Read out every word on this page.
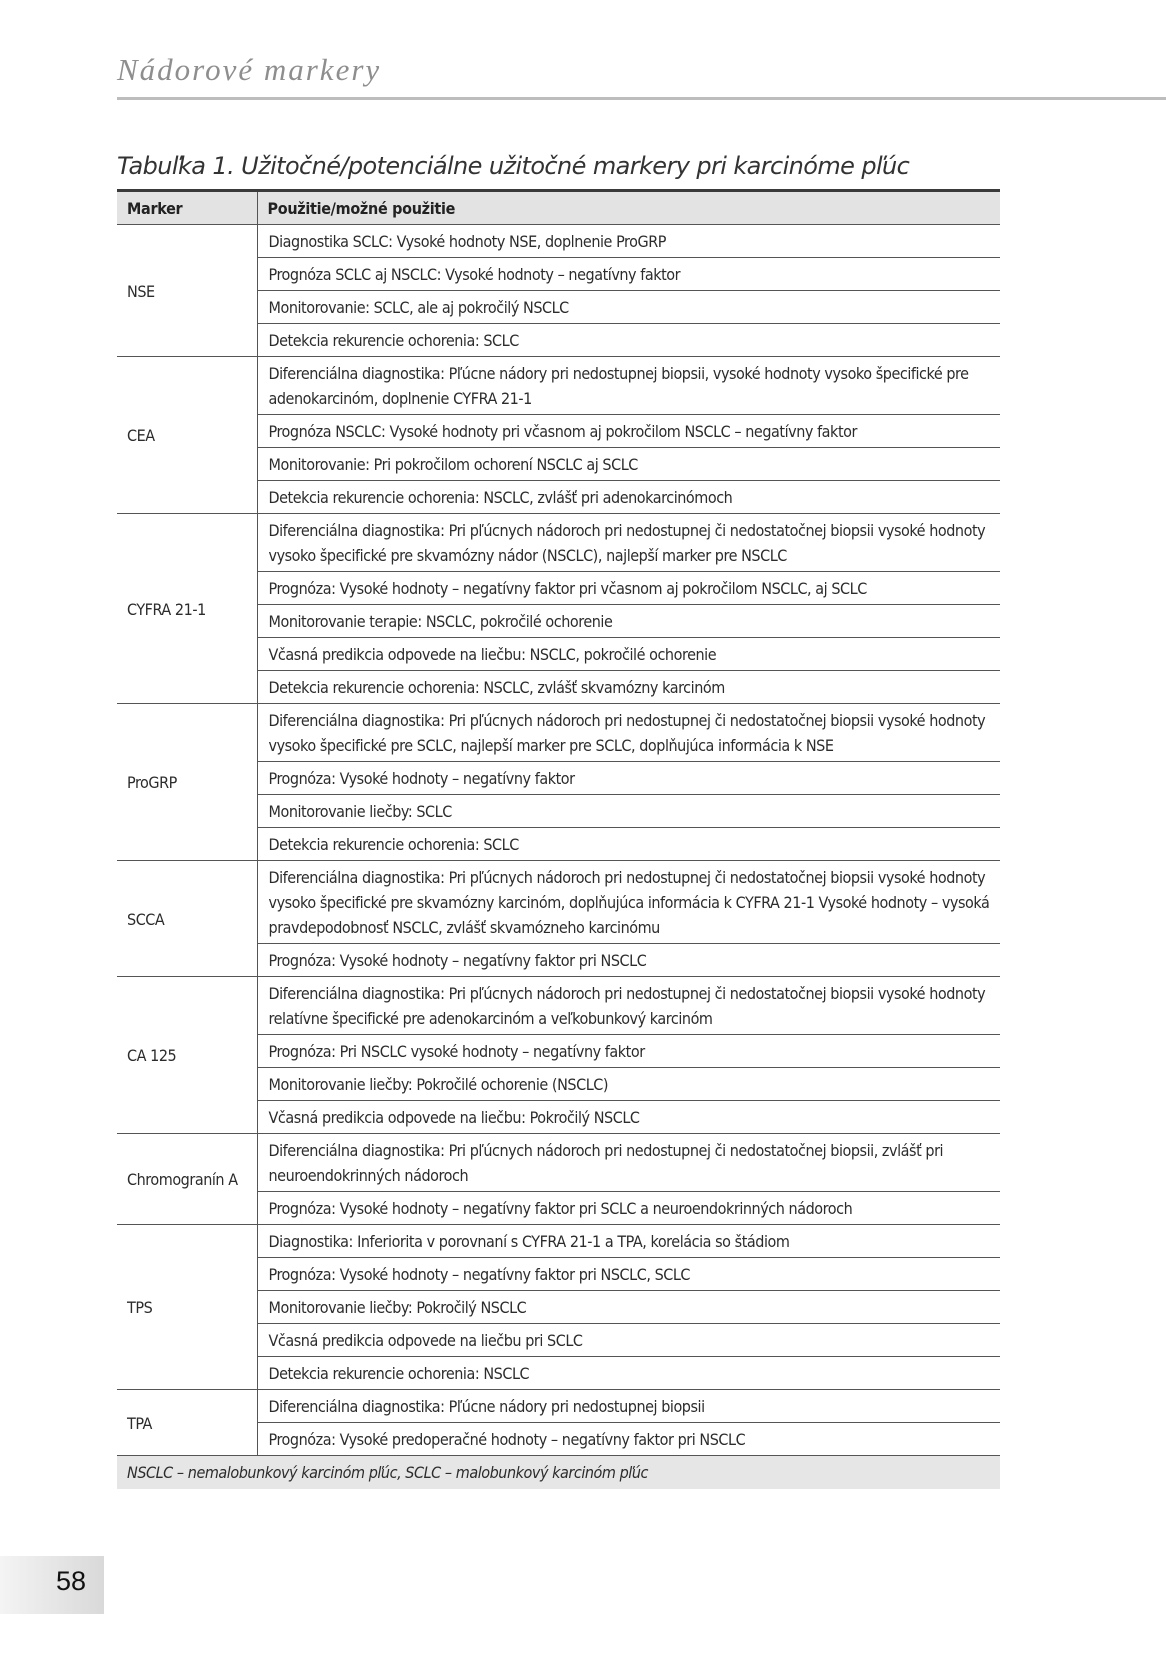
Nádorové markery
Tabuľka 1. Užitočné/potenciálne užitočné markery pri karcinóme pľúc
Marker	Použitie/možné použitie
NSE	Diagnostika SCLC: Vysoké hodnoty NSE, doplnenie ProGRP
	Prognóza SCLC aj NSCLC: Vysoké hodnoty – negatívny faktor
	Monitorovanie: SCLC, ale aj pokročilý NSCLC
	Detekcia rekurencie ochorenia: SCLC
CEA	Diferenciálna diagnostika: Pľúcne nádory pri nedostupnej biopsii, vysoké hodnoty vysoko špecifické pre adenokarcinóm, doplnenie CYFRA 21-1
	Prognóza NSCLC: Vysoké hodnoty pri včasnom aj pokročilom NSCLC – negatívny faktor
	Monitorovanie: Pri pokročilom ochorení NSCLC aj SCLC
	Detekcia rekurencie ochorenia: NSCLC, zvlášť pri adenokarcinómoch
CYFRA 21-1	Diferenciálna diagnostika: Pri pľúcnych nádoroch pri nedostupnej či nedostatočnej biopsii vysoké hodnoty vysoko špecifické pre skvamózny nádor (NSCLC), najlepší marker pre NSCLC
	Prognóza: Vysoké hodnoty – negatívny faktor pri včasnom aj pokročilom NSCLC, aj SCLC
	Monitorovanie terapie: NSCLC, pokročilé ochorenie
	Včasná predikcia odpovede na liečbu: NSCLC, pokročilé ochorenie
	Detekcia rekurencie ochorenia: NSCLC, zvlášť skvamózny karcinóm
ProGRP	Diferenciálna diagnostika: Pri pľúcnych nádoroch pri nedostupnej či nedostatočnej biopsii vysoké hodnoty vysoko špecifické pre SCLC, najlepší marker pre SCLC, doplňujúca informácia k NSE
	Prognóza: Vysoké hodnoty – negatívny faktor
	Monitorovanie liečby: SCLC
	Detekcia rekurencie ochorenia: SCLC
SCCA	Diferenciálna diagnostika: Pri pľúcnych nádoroch pri nedostupnej či nedostatočnej biopsii vysoké hodnoty vysoko špecifické pre skvamózny karcinóm, doplňujúca informácia k CYFRA 21-1 Vysoké hodnoty – vysoká pravdepodobnosť NSCLC, zvlášť skvamózneho karcinómu
	Prognóza: Vysoké hodnoty – negatívny faktor pri NSCLC
CA 125	Diferenciálna diagnostika: Pri pľúcnych nádoroch pri nedostupnej či nedostatočnej biopsii vysoké hodnoty relatívne špecifické pre adenokarcinóm a veľkobunkový karcinóm
	Prognóza: Pri NSCLC vysoké hodnoty – negatívny faktor
	Monitorovanie liečby: Pokročilé ochorenie (NSCLC)
	Včasná predikcia odpovede na liečbu: Pokročilý NSCLC
Chromogranín A	Diferenciálna diagnostika: Pri pľúcnych nádoroch pri nedostupnej či nedostatočnej biopsii, zvlášť pri neuroendokrinných nádoroch
	Prognóza: Vysoké hodnoty – negatívny faktor pri SCLC a neuroendokrinných nádoroch
TPS	Diagnostika: Inferiorita v porovnaní s CYFRA 21-1 a TPA, korelácia so štádiom
	Prognóza: Vysoké hodnoty – negatívny faktor pri NSCLC, SCLC
	Monitorovanie liečby: Pokročilý NSCLC
	Včasná predikcia odpovede na liečbu pri SCLC
	Detekcia rekurencie ochorenia: NSCLC
TPA	Diferenciálna diagnostika: Pľúcne nádory pri nedostupnej biopsii
	Prognóza: Vysoké predoperačné hodnoty – negatívny faktor pri NSCLC
NSCLC – nemalobunkový karcinóm pľúc, SCLC – malobunkový karcinóm pľúc	
58
